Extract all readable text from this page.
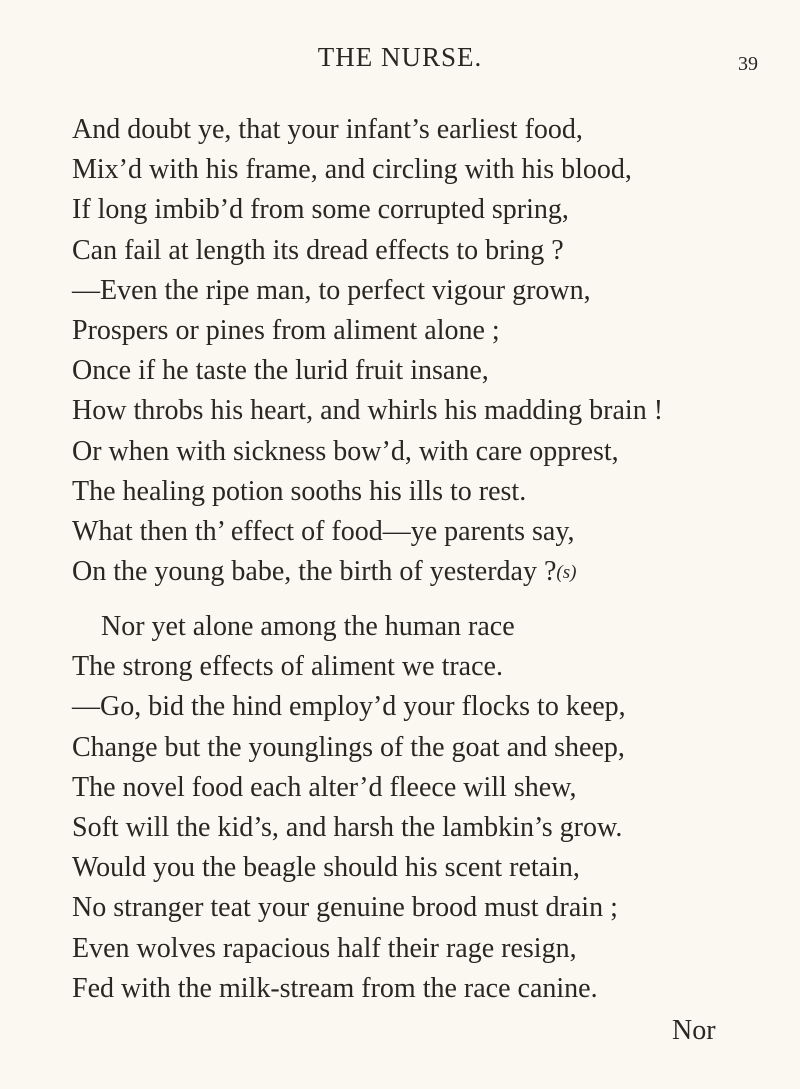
THE NURSE.	39
And doubt ye, that your infant’s earliest food,
Mix’d with his frame, and circling with his blood,
If long imbib’d from some corrupted spring,
Can fail at length its dread effects to bring ?
—Even the ripe man, to perfect vigour grown,
Prospers or pines from aliment alone ;
Once if he taste the lurid fruit insane,
How throbs his heart, and whirls his madding brain !
Or when with sickness bow’d, with care opprest,
The healing potion sooths his ills to rest.
What then th’ effect of food—ye parents say,
On the young babe, the birth of yesterday ?(s)
Nor yet alone among the human race
The strong effects of aliment we trace.
—Go, bid the hind employ’d your flocks to keep,
Change but the younglings of the goat and sheep,
The novel food each alter’d fleece will shew,
Soft will the kid’s, and harsh the lambkin’s grow.
Would you the beagle should his scent retain,
No stranger teat your genuine brood must drain ;
Even wolves rapacious half their rage resign,
Fed with the milk-stream from the race canine.
Nor
